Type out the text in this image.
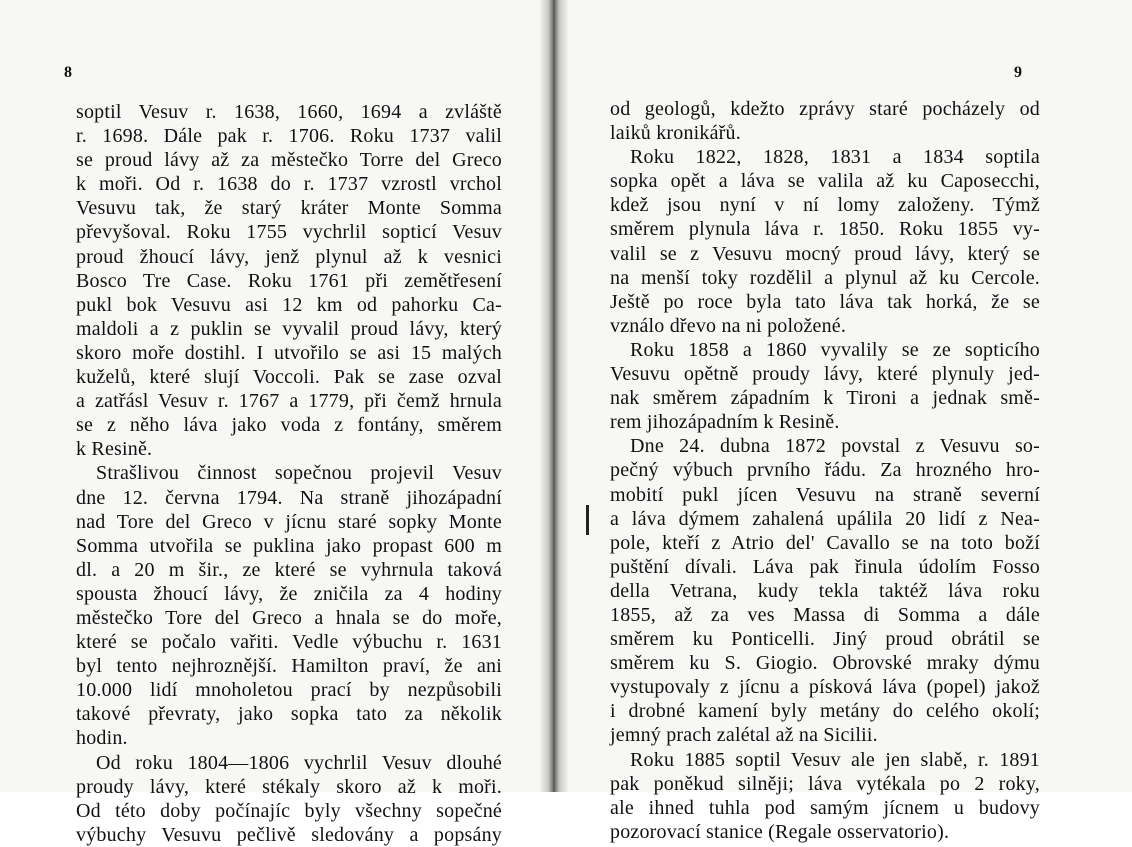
8
soptil Vesuv r. 1638, 1660, 1694 a zvláště
r. 1698. Dále pak r. 1706. Roku 1737 valil
se proud lávy až za městečko Torre del Greco
k moři. Od r. 1638 do r. 1737 vzrostl vrchol
Vesuvu tak, že starý kráter Monte Somma
převyšoval. Roku 1755 vychrlil sopticí Vesuv
proud žhoucí lávy, jenž plynul až k vesnici
Bosco Tre Case. Roku 1761 při zemětřesení
pukl bok Vesuvu asi 12 km od pahorku Ca-
maldoli a z puklin se vyvalil proud lávy, který
skoro moře dostihl. I utvořilo se asi 15 malých
kuželů, které slují Voccoli. Pak se zase ozval
a zatřásl Vesuv r. 1767 a 1779, při čemž hrnula
se z něho láva jako voda z fontány, směrem
k Resině.
Strašlivou činnost sopečnou projevil Vesuv
dne 12. června 1794. Na straně jihozápadní
nad Tore del Greco v jícnu staré sopky Monte
Somma utvořila se puklina jako propast 600 m
dl. a 20 m šir., ze které se vyhrnula taková
spousta žhoucí lávy, že zničila za 4 hodiny
městečko Tore del Greco a hnala se do moře,
které se počalo vařiti. Vedle výbuchu r. 1631
byl tento nejhroznější. Hamilton praví, že ani
10.000 lidí mnoholetou prací by nezpůsobili
takové převraty, jako sopka tato za několik
hodin.
Od roku 1804—1806 vychrlil Vesuv dlouhé
proudy lávy, které stékaly skoro až k moři.
Od této doby počínajíc byly všechny sopečné
výbuchy Vesuvu pečlivě sledovány a popsány
9
od geologů, kdežto zprávy staré pocházely od
laiků kronikářů.
Roku 1822, 1828, 1831 a 1834 soptila
sopka opět a láva se valila až ku Caposecchi,
kdež jsou nyní v ní lomy založeny. Týmž
směrem plynula láva r. 1850. Roku 1855 vy-
valil se z Vesuvu mocný proud lávy, který se
na menší toky rozdělil a plynul až ku Cercole.
Ještě po roce byla tato láva tak horká, že se
vználo dřevo na ni položené.
Roku 1858 a 1860 vyvalily se ze sopticího
Vesuvu opětně proudy lávy, které plynuly jed-
nak směrem západním k Tironi a jednak smě-
rem jihozápadním k Resině.
Dne 24. dubna 1872 povstal z Vesuvu so-
pečný výbuch prvního řádu. Za hrozného hro-
mobití pukl jícen Vesuvu na straně severní
a láva dýmem zahalená upálila 20 lidí z Nea-
pole, kteří z Atrio del' Cavallo se na toto boží
puštění dívali. Láva pak řinula údolím Fosso
della Vetrana, kudy tekla taktéž láva roku
1855, až za ves Massa di Somma a dále
směrem ku Ponticelli. Jiný proud obrátil se
směrem ku S. Giogio. Obrovské mraky dýmu
vystupovaly z jícnu a písková láva (popel) jakož
i drobné kamení byly metány do celého okolí;
jemný prach zalétal až na Sicilii.
Roku 1885 soptil Vesuv ale jen slabě, r. 1891
pak poněkud silněji; láva vytékala po 2 roky,
ale ihned tuhla pod samým jícnem u budovy
pozorovací stanice (Regale osservatorio).
